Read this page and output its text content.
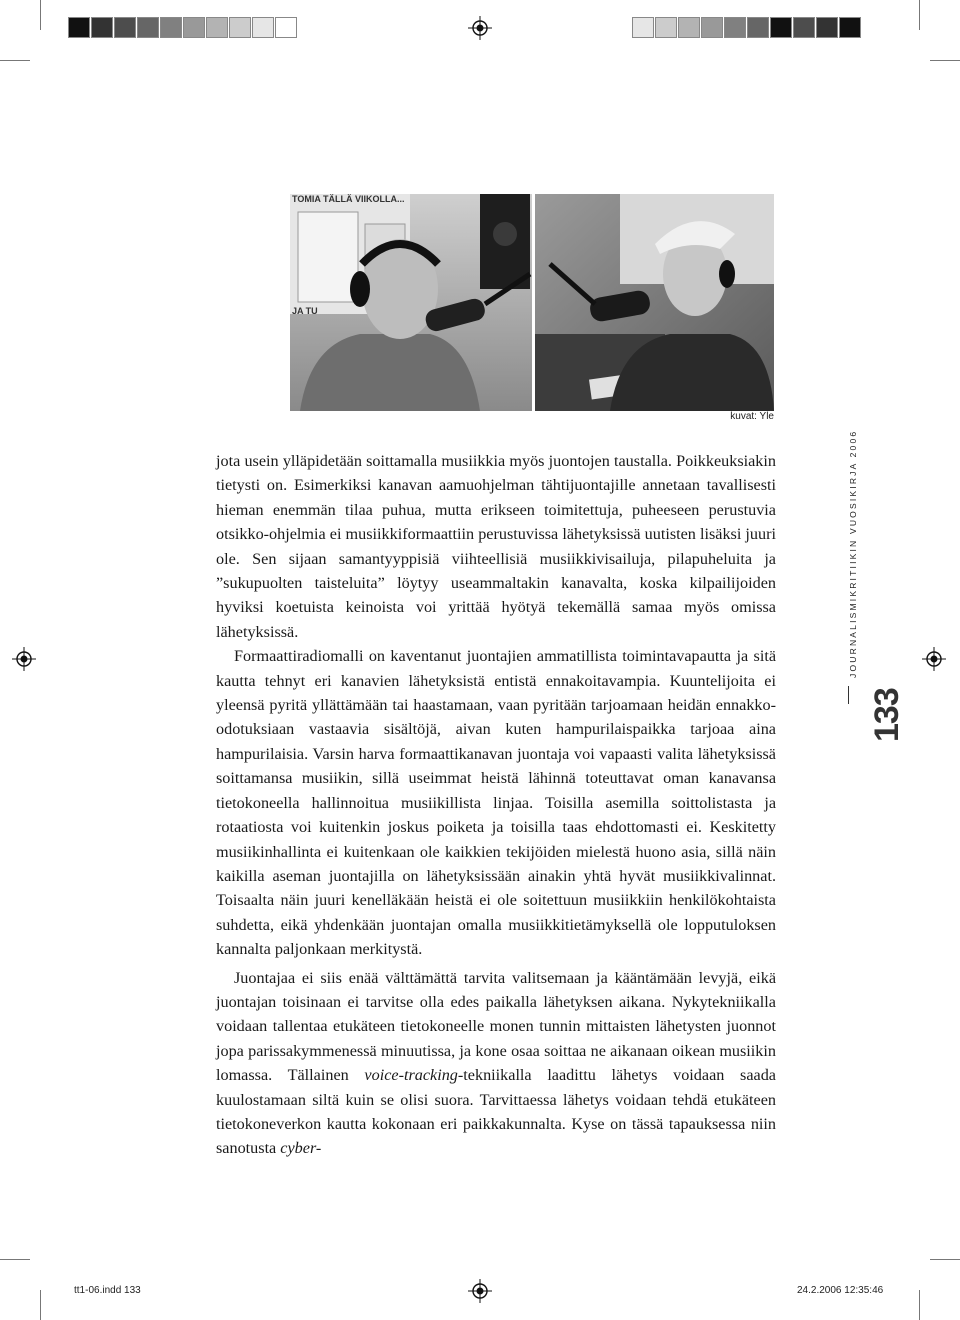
TOMIA TÄLLÄ VIIKOLLA...
JA TU
kuvat: Yle

jota usein ylläpidetään soittamalla musiikkia myös juontojen taustalla. Poikkeuksiakin tietysti on. Esimerkiksi kanavan aamuohjelman tähtijuontajille annetaan tavallisesti hieman enemmän tilaa puhua, mutta erikseen toimitettuja, puheeseen perustuvia otsikko-ohjelmia ei musiikkiformaattiin perustuvissa lähetyksissä uutisten lisäksi juuri ole. Sen sijaan samantyyppisiä viihteellisiä musiikkivisailuja, pilapuheluita ja ”sukupuolten taisteluita” löytyy useammaltakin kanavalta, koska kilpailijoiden hyviksi koetuista keinoista voi yrittää hyötyä tekemällä samaa myös omissa lähetyksissä.

Formaattiradiomalli on kaventanut juontajien ammatillista toimintavapautta ja sitä kautta tehnyt eri kanavien lähetyksistä entistä ennakoitavampia. Kuuntelijoita ei yleensä pyritä yllättämään tai haastamaan, vaan pyritään tarjoamaan heidän ennakko-odotuksiaan vastaavia sisältöjä, aivan kuten hampurilaispaikka tarjoaa aina hampurilaisia. Varsin harva formaattikanavan juontaja voi vapaasti valita lähetyksissä soittamansa musiikin, sillä useimmat heistä lähinnä toteuttavat oman kanavansa tietokoneella hallinnoitua musiikillista linjaa. Toisilla asemilla soittolistasta ja rotaatiosta voi kuitenkin joskus poiketa ja toisilla taas ehdottomasti ei. Keskitetty musiikinhallinta ei kuitenkaan ole kaikkien tekijöiden mielestä huono asia, sillä näin kaikilla aseman juontajilla on lähetyksissään ainakin yhtä hyvät musiikkivalinnat. Toisaalta näin juuri kenelläkään heistä ei ole soitettuun musiikkiin henkilökohtaista suhdetta, eikä yhdenkään juontajan omalla musiikkitietämyksellä ole lopputuloksen kannalta paljonkaan merkitystä.

Juontajaa ei siis enää välttämättä tarvita valitsemaan ja kääntämään levyjä, eikä juontajan toisinaan ei tarvitse olla edes paikalla lähetyksen aikana. Nykytekniikalla voidaan tallentaa etukäteen tietokoneelle monen tunnin mittaisten lähetysten juonnot jopa parissakymmenessä minuutissa, ja kone osaa soittaa ne aikanaan oikean musiikin lomassa. Tällainen voice-tracking-tekniikalla laadittu lähetys voidaan saada kuulostamaan siltä kuin se olisi suora. Tarvittaessa lähetys voidaan tehdä etukäteen tietokoneverkon kautta kokonaan eri paikkakunnalta. Kyse on tässä tapauksessa niin sanotusta cyber-

JOURNALISMIKRITIIKIN VUOSIKIRJA 2006
133
tt1-06.indd 133	24.2.2006 12:35:46
